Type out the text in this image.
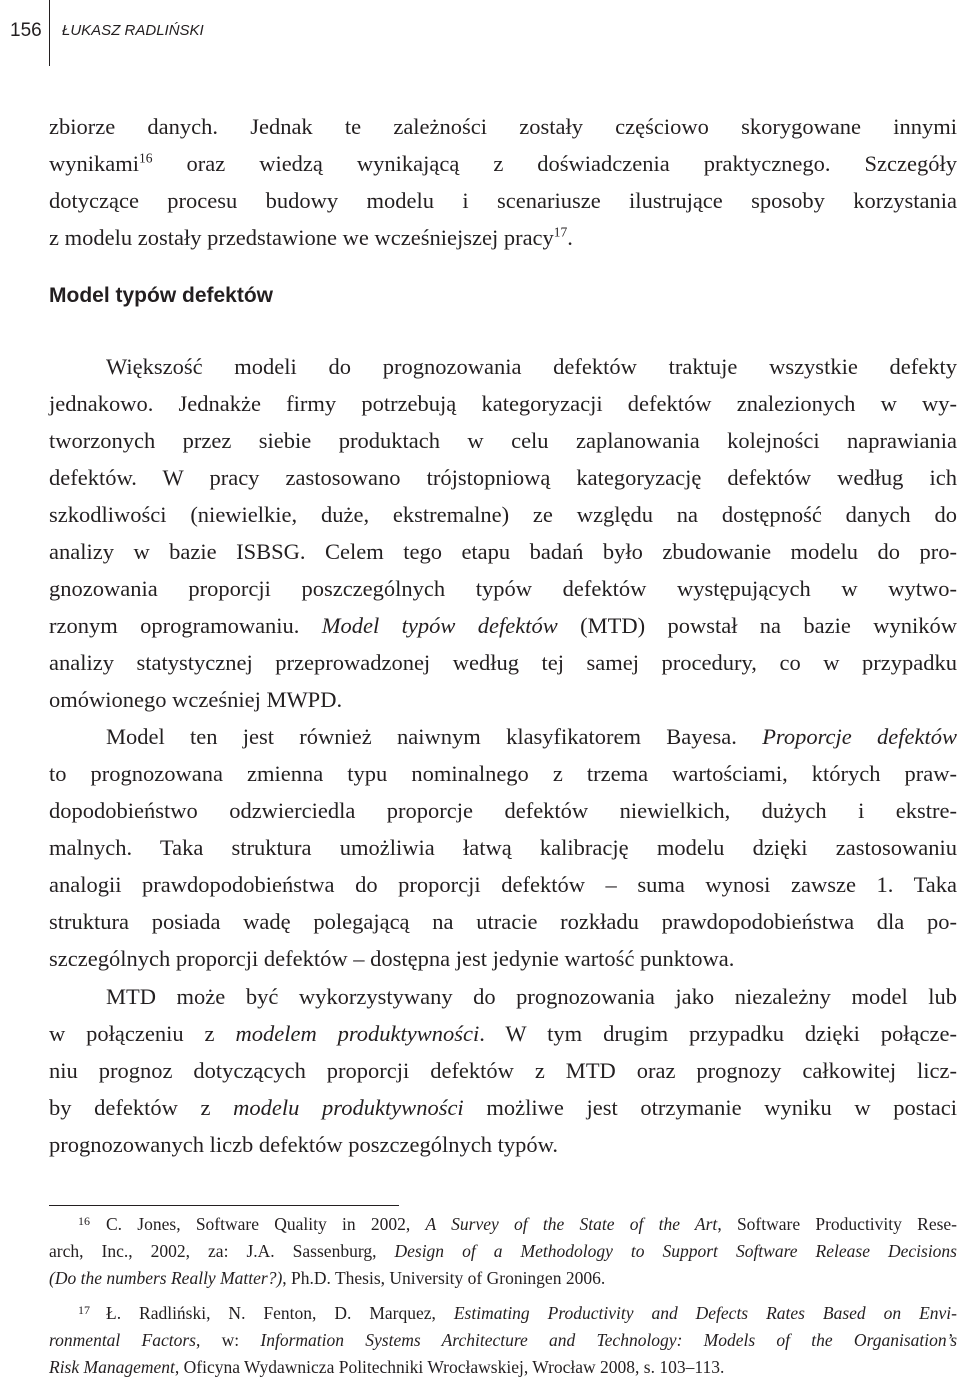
156 ŁUKASZ RADLIŃSKI
zbiorze danych. Jednak te zależności zostały częściowo skorygowane innymi
wynikami$^{16}$ oraz wiedzą wynikającą z doświadczenia praktycznego. Szczegóły
dotyczące procesu budowy modelu i scenariusze ilustrujące sposoby korzystania
z modelu zostały przedstawione we wcześniejszej pracy$^{17}$.
Model typów defektów
Większość modeli do prognozowania defektów traktuje wszystkie defekty
jednakowo. Jednakże firmy potrzebują kategoryzacji defektów znalezionych w wy-
tworzonych przez siebie produktach w celu zaplanowania kolejności naprawiania
defektów. W pracy zastosowano trójstopniową kategoryzację defektów według ich
szkodliwości (niewielkie, duże, ekstremalne) ze względu na dostępność danych do
analizy w bazie ISBSG. Celem tego etapu badań było zbudowanie modelu do pro-
gnozowania proporcji poszczególnych typów defektów występujących w wytwo-
rzonym oprogramowaniu. Model typów defektów (MTD) powstał na bazie wyników
analizy statystycznej przeprowadzonej według tej samej procedury, co w przypadku
omówionego wcześniej MWPD.
Model ten jest również naiwnym klasyfikatorem Bayesa. Proporcje defektów
to prognozowana zmienna typu nominalnego z trzema wartościami, których praw-
dopodobieństwo odzwierciedla proporcje defektów niewielkich, dużych i ekstre-
malnych. Taka struktura umożliwia łatwą kalibrację modelu dzięki zastosowaniu
analogii prawdopodobieństwa do proporcji defektów – suma wynosi zawsze 1. Taka
struktura posiada wadę polegającą na utracie rozkładu prawdopodobieństwa dla po-
szczególnych proporcji defektów – dostępna jest jedynie wartość punktowa.
MTD może być wykorzystywany do prognozowania jako niezależny model lub
w połączeniu z modelem produktywności. W tym drugim przypadku dzięki połącze-
niu prognoz dotyczących proporcji defektów z MTD oraz prognozy całkowitej licz-
by defektów z modelu produktywności możliwe jest otrzymanie wyniku w postaci
prognozowanych liczb defektów poszczególnych typów.
16 C. Jones, Software Quality in 2002, A Survey of the State of the Art, Software Productivity Rese-
arch, Inc., 2002, za: J.A. Sassenburg, Design of a Methodology to Support Software Release Decisions
(Do the numbers Really Matter?), Ph.D. Thesis, University of Groningen 2006.
17 Ł. Radliński, N. Fenton, D. Marquez, Estimating Productivity and Defects Rates Based on Envi-
ronmental Factors, w: Information Systems Architecture and Technology: Models of the Organisation’s
Risk Management, Oficyna Wydawnicza Politechniki Wrocławskiej, Wrocław 2008, s. 103–113.
